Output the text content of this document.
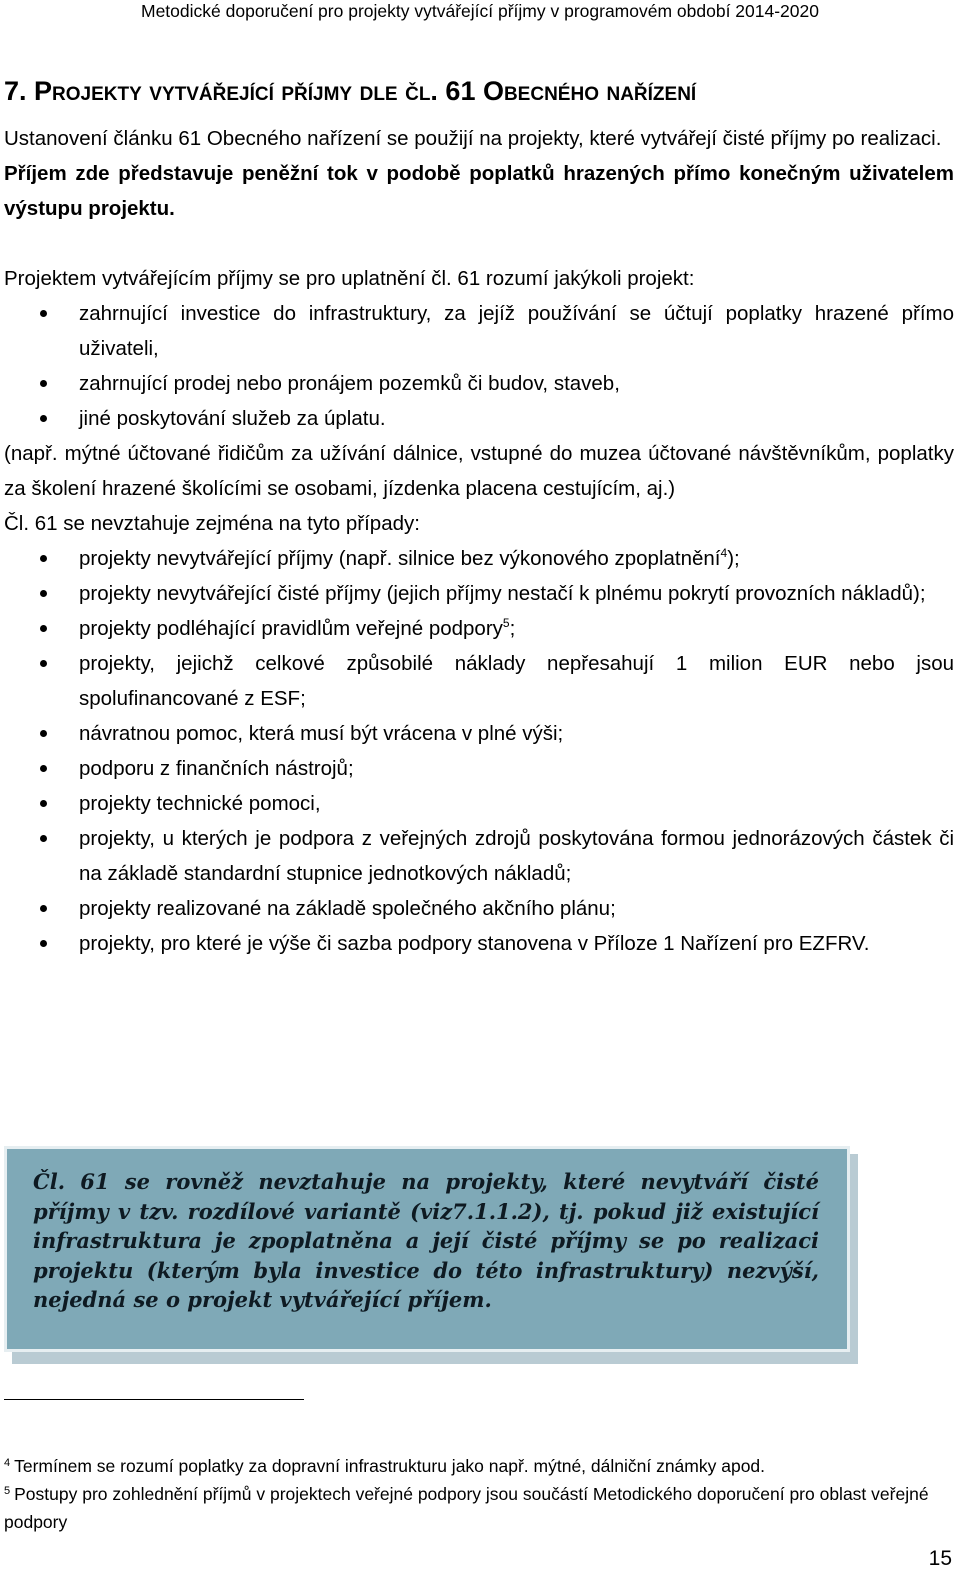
Metodické doporučení pro projekty vytvářející příjmy v programovém období 2014-2020
7. Projekty vytvářející příjmy dle čl. 61 Obecného nařízení

Ustanovení článku 61 Obecného nařízení se použijí na projekty, které vytvářejí čisté příjmy po realizaci.

Příjem zde představuje peněžní tok v podobě poplatků hrazených přímo konečným uživatelem výstupu projektu.

Projektem vytvářejícím příjmy se pro uplatnění čl. 61 rozumí jakýkoli projekt:

zahrnující investice do infrastruktury, za jejíž používání se účtují poplatky hrazené přímo uživateli,
zahrnující prodej nebo pronájem pozemků či budov, staveb,
jiné poskytování služeb za úplatu.

(např. mýtné účtované řidičům za užívání dálnice, vstupné do muzea účtované návštěvníkům, poplatky za školení hrazené školícími se osobami, jízdenka placena cestujícím, aj.)

Čl. 61 se nevztahuje zejména na tyto případy:

projekty nevytvářející příjmy (např. silnice bez výkonového zpoplatnění$^4$);
projekty nevytvářející čisté příjmy (jejich příjmy nestačí k plnému pokrytí provozních nákladů);
projekty podléhající pravidlům veřejné podpory$^5$;
projekty, jejichž celkové způsobilé náklady nepřesahují 1 milion EUR nebo jsou spolufinancované z ESF;
návratnou pomoc, která musí být vrácena v plné výši;
podporu z finančních nástrojů;
projekty technické pomoci,
projekty, u kterých je podpora z veřejných zdrojů poskytována formou jednorázových částek či na základě standardní stupnice jednotkových nákladů;
projekty realizované na základě společného akčního plánu;
projekty, pro které je výše či sazba podpory stanovena v Příloze 1 Nařízení pro EZFRV.

Čl. 61 se rovněž nevztahuje na projekty, které nevytváří čisté příjmy v tzv. rozdílové variantě (viz7.1.1.2), tj. pokud již existující infrastruktura je zpoplatněna a její čisté příjmy se po realizaci projektu (kterým byla investice do této infrastruktury) nezvýší, nejedná se o projekt vytvářející příjem.

$^4$ Termínem se rozumí poplatky za dopravní infrastrukturu jako např. mýtné, dálniční známky apod.

$^5$ Postupy pro zohlednění příjmů v projektech veřejné podpory jsou součástí Metodického doporučení pro oblast veřejné podpory

15
